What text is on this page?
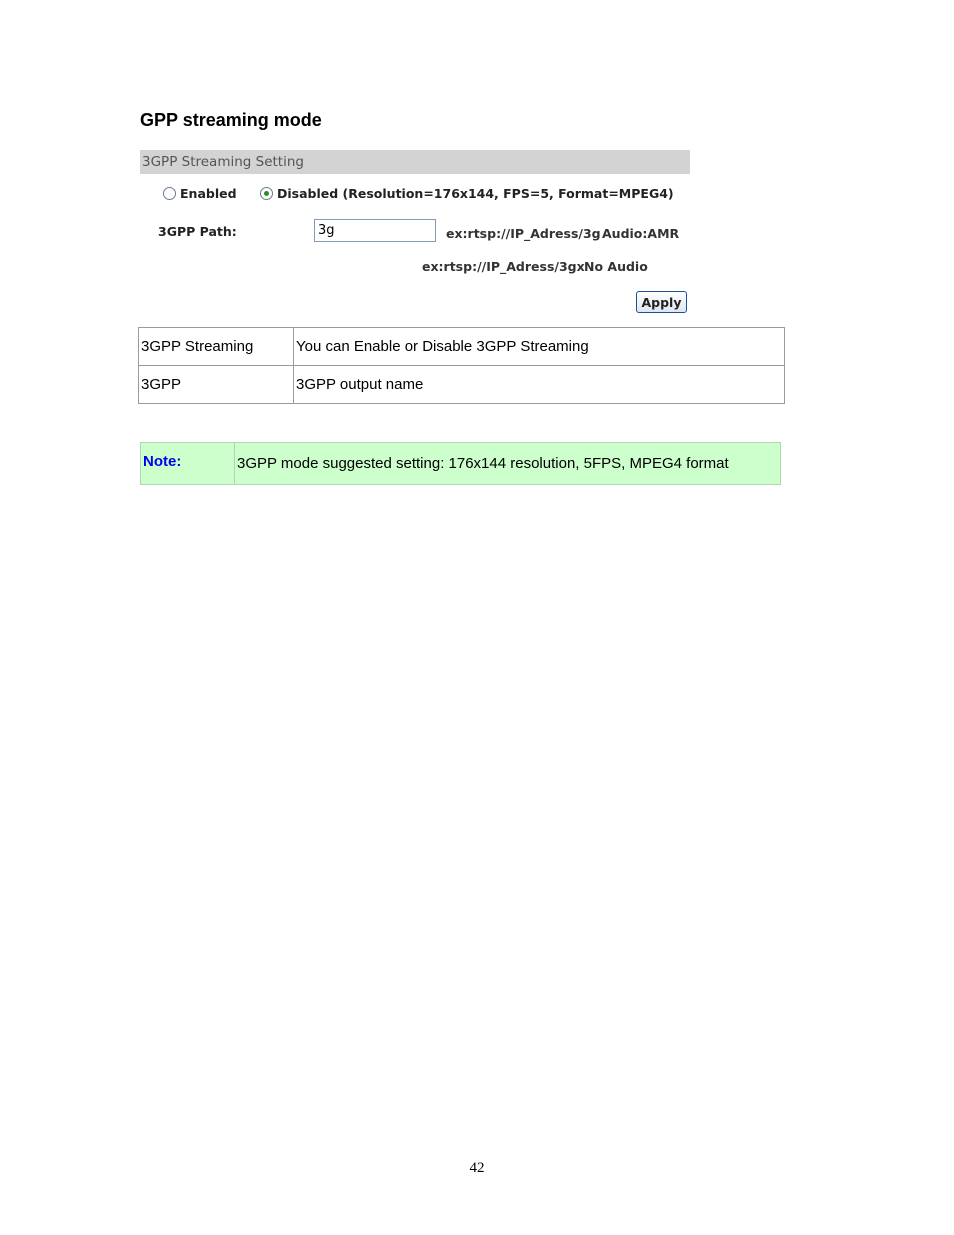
GPP streaming mode
3GPP Streaming Setting
Enabled	Disabled (Resolution=176x144, FPS=5, Format=MPEG4)
3GPP Path:
3g	ex:rtsp://IP_Adress/3g Audio:AMR
ex:rtsp://IP_Adress/3gx No Audio
Apply
3GPP Streaming	You can Enable or Disable 3GPP Streaming
3GPP	3GPP output name
Note:	3GPP mode suggested setting: 176x144 resolution, 5FPS, MPEG4 format
42
